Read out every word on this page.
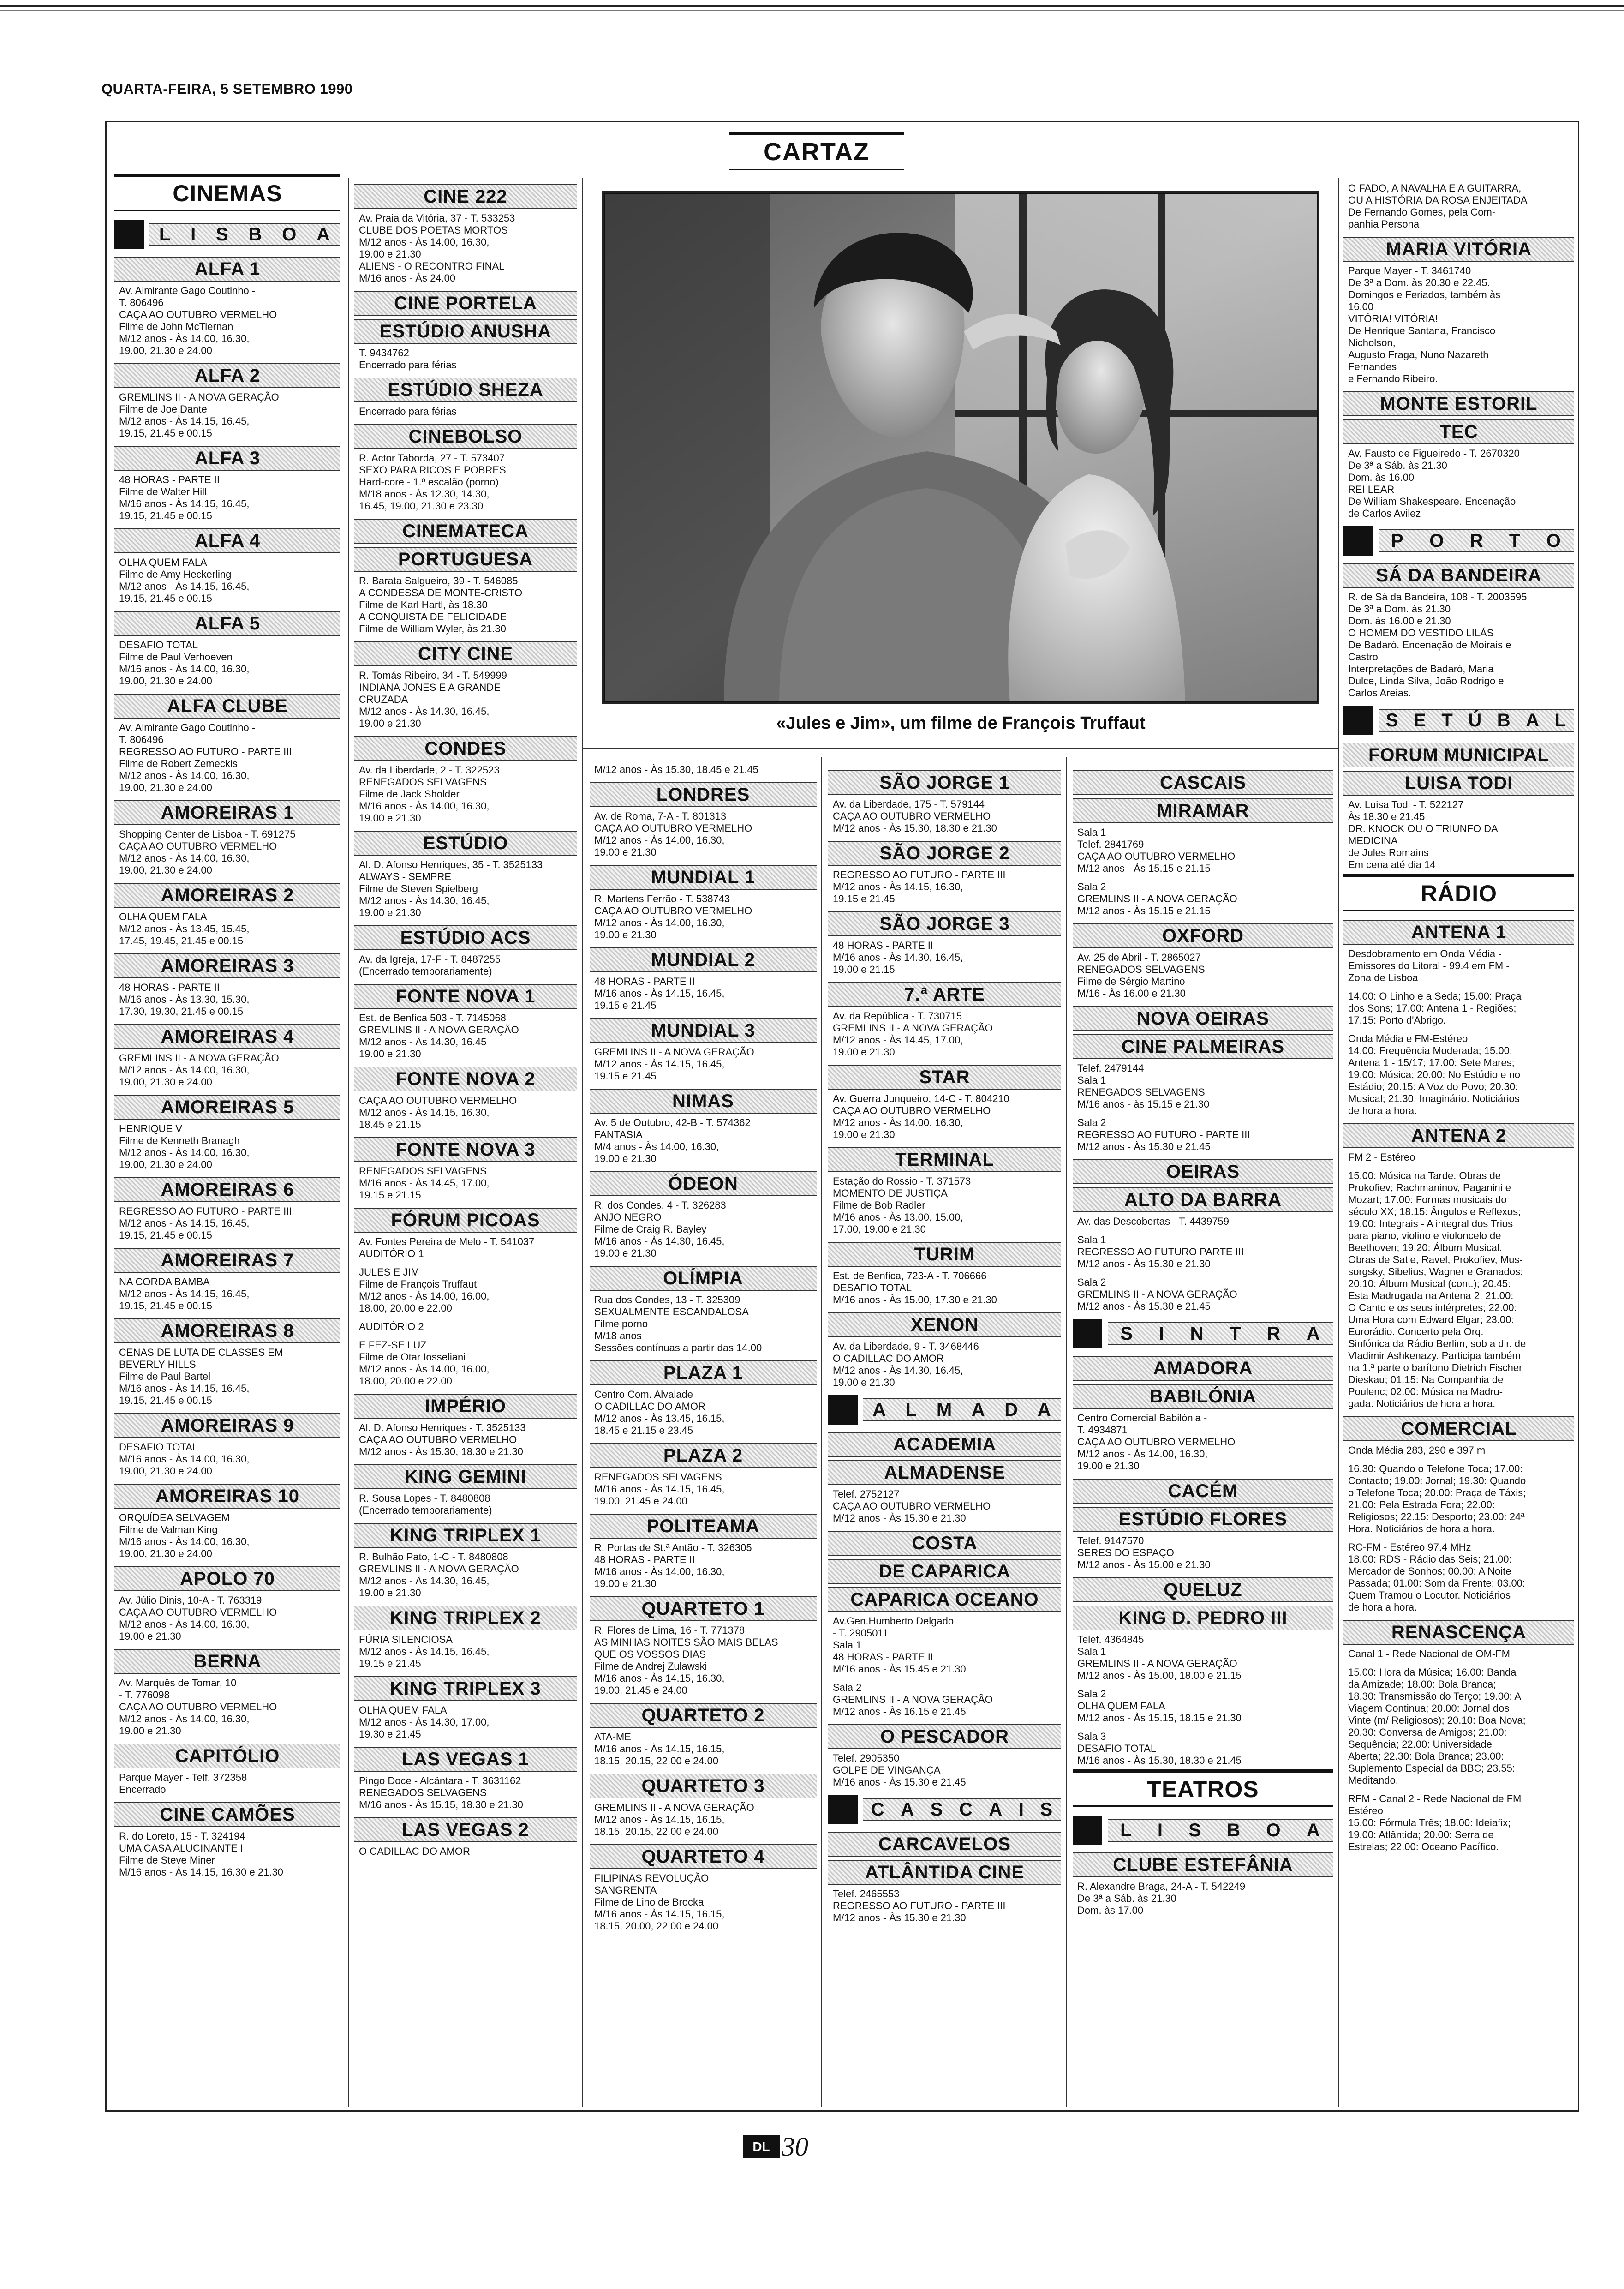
QUARTA-FEIRA, 5 SETEMBRO 1990
CARTAZ
«Jules e Jim», um filme de François Truffaut
CINEMAS
L I S B O A
ALFA 1
Av. Almirante Gago Coutinho -
T. 806496
CAÇA AO OUTUBRO VERMELHO
Filme de John McTiernan
M/12 anos - Às 14.00, 16.30,
19.00, 21.30 e 24.00
ALFA 2
GREMLINS II - A NOVA GERAÇÃO
Filme de Joe Dante
M/12 anos - Às 14.15, 16.45,
19.15, 21.45 e 00.15
ALFA 3
48 HORAS - PARTE II
Filme de Walter Hill
M/16 anos - Às 14.15, 16.45,
19.15, 21.45 e 00.15
ALFA 4
OLHA QUEM FALA
Filme de Amy Heckerling
M/12 anos - Às 14.15, 16.45,
19.15, 21.45 e 00.15
ALFA 5
DESAFIO TOTAL
Filme de Paul Verhoeven
M/16 anos - Às 14.00, 16.30,
19.00, 21.30 e 24.00
ALFA CLUBE
Av. Almirante Gago Coutinho -
T. 806496
REGRESSO AO FUTURO - PARTE III
Filme de Robert Zemeckis
M/12 anos - Às 14.00, 16.30,
19.00, 21.30 e 24.00
AMOREIRAS 1
Shopping Center de Lisboa - T. 691275
CAÇA AO OUTUBRO VERMELHO
M/12 anos - Às 14.00, 16.30,
19.00, 21.30 e 24.00
AMOREIRAS 2
OLHA QUEM FALA
M/12 anos - Às 13.45, 15.45,
17.45, 19.45, 21.45 e 00.15
AMOREIRAS 3
48 HORAS - PARTE II
M/16 anos - Às 13.30, 15.30,
17.30, 19.30, 21.45 e 00.15
AMOREIRAS 4
GREMLINS II - A NOVA GERAÇÃO
M/12 anos - Às 14.00, 16.30,
19.00, 21.30 e 24.00
AMOREIRAS 5
HENRIQUE V
Filme de Kenneth Branagh
M/12 anos - Às 14.00, 16.30,
19.00, 21.30 e 24.00
AMOREIRAS 6
REGRESSO AO FUTURO - PARTE III
M/12 anos - Às 14.15, 16.45,
19.15, 21.45 e 00.15
AMOREIRAS 7
NA CORDA BAMBA
M/12 anos - Às 14.15, 16.45,
19.15, 21.45 e 00.15
AMOREIRAS 8
CENAS DE LUTA DE CLASSES EM
BEVERLY HILLS
Filme de Paul Bartel
M/16 anos - Às 14.15, 16.45,
19.15, 21.45 e 00.15
AMOREIRAS 9
DESAFIO TOTAL
M/16 anos - Às 14.00, 16.30,
19.00, 21.30 e 24.00
AMOREIRAS 10
ORQUÍDEA SELVAGEM
Filme de Valman King
M/16 anos - Às 14.00, 16.30,
19.00, 21.30 e 24.00
APOLO 70
Av. Júlio Dinis, 10-A - T. 763319
CAÇA AO OUTUBRO VERMELHO
M/12 anos - Às 14.00, 16.30,
19.00 e 21.30
BERNA
Av. Marquês de Tomar, 10
- T. 776098
CAÇA AO OUTUBRO VERMELHO
M/12 anos - Às 14.00, 16.30,
19.00 e 21.30
CAPITÓLIO
Parque Mayer - Telf. 372358
Encerrado
CINE CAMÕES
R. do Loreto, 15 - T. 324194
UMA CASA ALUCINANTE I
Filme de Steve Miner
M/16 anos - Às 14.15, 16.30 e 21.30
CINE 222
Av. Praia da Vitória, 37 - T. 533253
CLUBE DOS POETAS MORTOS
M/12 anos - Às 14.00, 16.30,
19.00 e 21.30
ALIENS - O RECONTRO FINAL
M/16 anos - Às 24.00
CINE PORTELA
ESTÚDIO ANUSHA
T. 9434762
Encerrado para férias
ESTÚDIO SHEZA
Encerrado para férias
CINEBOLSO
R. Actor Taborda, 27 - T. 573407
SEXO PARA RICOS E POBRES
Hard-core - 1.º escalão (porno)
M/18 anos - Às 12.30, 14.30,
16.45, 19.00, 21.30 e 23.30
CINEMATECA
PORTUGUESA
R. Barata Salgueiro, 39 - T. 546085
A CONDESSA DE MONTE-CRISTO
Filme de Karl Hartl, às 18.30
A CONQUISTA DE FELICIDADE
Filme de William Wyler, às 21.30
CITY CINE
R. Tomás Ribeiro, 34 - T. 549999
INDIANA JONES E A GRANDE
CRUZADA
M/12 anos - Às 14.30, 16.45,
19.00 e 21.30
CONDES
Av. da Liberdade, 2 - T. 322523
RENEGADOS SELVAGENS
Filme de Jack Sholder
M/16 anos - Às 14.00, 16.30,
19.00 e 21.30
ESTÚDIO
Al. D. Afonso Henriques, 35 - T. 3525133
ALWAYS - SEMPRE
Filme de Steven Spielberg
M/12 anos - Às 14.30, 16.45,
19.00 e 21.30
ESTÚDIO ACS
Av. da Igreja, 17-F - T. 8487255
(Encerrado temporariamente)
FONTE NOVA 1
Est. de Benfica 503 - T. 7145068
GREMLINS II - A NOVA GERAÇÃO
M/12 anos - Às 14.30, 16.45
19.00 e 21.30
FONTE NOVA 2
CAÇA AO OUTUBRO VERMELHO
M/12 anos - Às 14.15, 16.30,
18.45 e 21.15
FONTE NOVA 3
RENEGADOS SELVAGENS
M/16 anos - Às 14.45, 17.00,
19.15 e 21.15
FÓRUM PICOAS
Av. Fontes Pereira de Melo - T. 541037
AUDITÓRIO 1
JULES E JIM
Filme de François Truffaut
M/12 anos - Às 14.00, 16.00,
18.00, 20.00 e 22.00
AUDITÓRIO 2
E FEZ-SE LUZ
Filme de Otar Iosseliani
M/12 anos - Às 14.00, 16.00,
18.00, 20.00 e 22.00
IMPÉRIO
Al. D. Afonso Henriques - T. 3525133
CAÇA AO OUTUBRO VERMELHO
M/12 anos - Às 15.30, 18.30 e 21.30
KING GEMINI
R. Sousa Lopes - T. 8480808
(Encerrado temporariamente)
KING TRIPLEX 1
R. Bulhão Pato, 1-C - T. 8480808
GREMLINS II - A NOVA GERAÇÃO
M/12 anos - Às 14.30, 16.45,
19.00 e 21.30
KING TRIPLEX 2
FÚRIA SILENCIOSA
M/12 anos - Às 14.15, 16.45,
19.15 e 21.45
KING TRIPLEX 3
OLHA QUEM FALA
M/12 anos - Às 14.30, 17.00,
19.30 e 21.45
LAS VEGAS 1
Pingo Doce - Alcântara - T. 3631162
RENEGADOS SELVAGENS
M/16 anos - Às 15.15, 18.30 e 21.30
LAS VEGAS 2
O CADILLAC DO AMOR
M/12 anos - Às 15.30, 18.45 e 21.45
LONDRES
Av. de Roma, 7-A - T. 801313
CAÇA AO OUTUBRO VERMELHO
M/12 anos - Às 14.00, 16.30,
19.00 e 21.30
MUNDIAL 1
R. Martens Ferrão - T. 538743
CAÇA AO OUTUBRO VERMELHO
M/12 anos - Às 14.00, 16.30,
19.00 e 21.30
MUNDIAL 2
48 HORAS - PARTE II
M/16 anos - Às 14.15, 16.45,
19.15 e 21.45
MUNDIAL 3
GREMLINS II - A NOVA GERAÇÃO
M/12 anos - Às 14.15, 16.45,
19.15 e 21.45
NIMAS
Av. 5 de Outubro, 42-B - T. 574362
FANTASIA
M/4 anos - Às 14.00, 16.30,
19.00 e 21.30
ÓDEON
R. dos Condes, 4 - T. 326283
ANJO NEGRO
Filme de Craig R. Bayley
M/16 anos - Às 14.30, 16.45,
19.00 e 21.30
OLÍMPIA
Rua dos Condes, 13 - T. 325309
SEXUALMENTE ESCANDALOSA
Filme porno
M/18 anos
Sessões contínuas a partir das 14.00
PLAZA 1
Centro Com. Alvalade
O CADILLAC DO AMOR
M/12 anos - Às 13.45, 16.15,
18.45 e 21.15 e 23.45
PLAZA 2
RENEGADOS SELVAGENS
M/16 anos - Às 14.15, 16.45,
19.00, 21.45 e 24.00
POLITEAMA
R. Portas de St.ª Antão - T. 326305
48 HORAS - PARTE II
M/16 anos - Às 14.00, 16.30,
19.00 e 21.30
QUARTETO 1
R. Flores de Lima, 16 - T. 771378
AS MINHAS NOITES SÃO MAIS BELAS
QUE OS VOSSOS DIAS
Filme de Andrej Zulawski
M/16 anos - Às 14.15, 16.30,
19.00, 21.45 e 24.00
QUARTETO 2
ATA-ME
M/16 anos - Às 14.15, 16.15,
18.15, 20.15, 22.00 e 24.00
QUARTETO 3
GREMLINS II - A NOVA GERAÇÃO
M/12 anos - Às 14.15, 16.15,
18.15, 20.15, 22.00 e 24.00
QUARTETO 4
FILIPINAS REVOLUÇÃO
SANGRENTA
Filme de Lino de Brocka
M/16 anos - Às 14.15, 16.15,
18.15, 20.00, 22.00 e 24.00
SÃO JORGE 1
Av. da Liberdade, 175 - T. 579144
CAÇA AO OUTUBRO VERMELHO
M/12 anos - Às 15.30, 18.30 e 21.30
SÃO JORGE 2
REGRESSO AO FUTURO - PARTE III
M/12 anos - Às 14.15, 16.30,
19.15 e 21.45
SÃO JORGE 3
48 HORAS - PARTE II
M/16 anos - Às 14.30, 16.45,
19.00 e 21.15
7.ª ARTE
Av. da República - T. 730715
GREMLINS II - A NOVA GERAÇÃO
M/12 anos - Às 14.45, 17.00,
19.00 e 21.30
STAR
Av. Guerra Junqueiro, 14-C - T. 804210
CAÇA AO OUTUBRO VERMELHO
M/12 anos - Às 14.00, 16.30,
19.00 e 21.30
TERMINAL
Estação do Rossio - T. 371573
MOMENTO DE JUSTIÇA
Filme de Bob Radler
M/16 anos - Às 13.00, 15.00,
17.00, 19.00 e 21.30
TURIM
Est. de Benfica, 723-A - T. 706666
DESAFIO TOTAL
M/16 anos - Às 15.00, 17.30 e 21.30
XENON
Av. da Liberdade, 9 - T. 3468446
O CADILLAC DO AMOR
M/12 anos - Às 14.30, 16.45,
19.00 e 21.30
A L M A D A
ACADEMIA
ALMADENSE
Telef. 2752127
CAÇA AO OUTUBRO VERMELHO
M/12 anos - Às 15.30 e 21.30
COSTA
DE CAPARICA
CAPARICA OCEANO
Av.Gen.Humberto Delgado
- T. 2905011
Sala 1
48 HORAS - PARTE II
M/16 anos - Às 15.45 e 21.30
Sala 2
GREMLINS II - A NOVA GERAÇÃO
M/12 anos - Às 16.15 e 21.45
O PESCADOR
Telef. 2905350
GOLPE DE VINGANÇA
M/16 anos - Às 15.30 e 21.45
C A S C A I S
CARCAVELOS
ATLÂNTIDA CINE
Telef. 2465553
REGRESSO AO FUTURO - PARTE III
M/12 anos - Às 15.30 e 21.30
CASCAIS
MIRAMAR
Sala 1
Telef. 2841769
CAÇA AO OUTUBRO VERMELHO
M/12 anos - Às 15.15 e 21.15
Sala 2
GREMLINS II - A NOVA GERAÇÃO
M/12 anos - Às 15.15 e 21.15
OXFORD
Av. 25 de Abril - T. 2865027
RENEGADOS SELVAGENS
Filme de Sérgio Martino
M/16 - Às 16.00 e 21.30
NOVA OEIRAS
CINE PALMEIRAS
Telef. 2479144
Sala 1
RENEGADOS SELVAGENS
M/16 anos - às 15.15 e 21.30
Sala 2
REGRESSO AO FUTURO - PARTE III
M/12 anos - Às 15.30 e 21.45
OEIRAS
ALTO DA BARRA
Av. das Descobertas - T. 4439759
Sala 1
REGRESSO AO FUTURO PARTE III
M/12 anos - Às 15.30 e 21.30
Sala 2
GREMLINS II - A NOVA GERAÇÃO
M/12 anos - Às 15.30 e 21.45
S I N T R A
AMADORA
BABILÓNIA
Centro Comercial Babilónia -
T. 4934871
CAÇA AO OUTUBRO VERMELHO
M/12 anos - Às 14.00, 16.30,
19.00 e 21.30
CACÉM
ESTÚDIO FLORES
Telef. 9147570
SERES DO ESPAÇO
M/12 anos - Às 15.00 e 21.30
QUELUZ
KING D. PEDRO III
Telef. 4364845
Sala 1
GREMLINS II - A NOVA GERAÇÃO
M/12 anos - Às 15.00, 18.00 e 21.15
Sala 2
OLHA QUEM FALA
M/12 anos - Às 15.15, 18.15 e 21.30
Sala 3
DESAFIO TOTAL
M/16 anos - Às 15.30, 18.30 e 21.45
TEATROS
L I S B O A
CLUBE ESTEFÂNIA
R. Alexandre Braga, 24-A - T. 542249
De 3ª a Sáb. às 21.30
Dom. às 17.00
O FADO, A NAVALHA E A GUITARRA,
OU A HISTÓRIA DA ROSA ENJEITADA
De Fernando Gomes, pela Com-
panhia Persona
MARIA VITÓRIA
Parque Mayer - T. 3461740
De 3ª a Dom. às 20.30 e 22.45.
Domingos e Feriados, também às
16.00
VITÓRIA! VITÓRIA!
De Henrique Santana, Francisco
Nicholson,
Augusto Fraga, Nuno Nazareth
Fernandes
e Fernando Ribeiro.
MONTE ESTORIL
TEC
Av. Fausto de Figueiredo - T. 2670320
De 3ª a Sáb. às 21.30
Dom. às 16.00
REI LEAR
De William Shakespeare. Encenação
de Carlos Avilez
P O R T O
SÁ DA BANDEIRA
R. de Sá da Bandeira, 108 - T. 2003595
De 3ª a Dom. às 21.30
Dom. às 16.00 e 21.30
O HOMEM DO VESTIDO LILÁS
De Badaró. Encenação de Moirais e
Castro
Interpretações de Badaró, Maria
Dulce, Linda Silva, João Rodrigo e
Carlos Areias.
S E T Ú B A L
FORUM MUNICIPAL
LUISA TODI
Av. Luisa Todi - T. 522127
Às 18.30 e 21.45
DR. KNOCK OU O TRIUNFO DA
MEDICINA
de Jules Romains
Em cena até dia 14
RÁDIO
ANTENA 1
Desdobramento em Onda Média -
Emissores do Litoral - 99.4 em FM -
Zona de Lisboa
14.00: O Linho e a Seda; 15.00: Praça
dos Sons; 17.00: Antena 1 - Regiões;
17.15: Porto d'Abrigo.
Onda Média e FM-Estéreo
14.00: Frequência Moderada; 15.00:
Antena 1 - 15/17; 17.00: Sete Mares;
19.00: Música; 20.00: No Estúdio e no
Estádio; 20.15: A Voz do Povo; 20.30:
Musical; 21.30: Imaginário. Noticiários
de hora a hora.
ANTENA 2
FM 2 - Estéreo
15.00: Música na Tarde. Obras de
Prokofiev; Rachmaninov, Paganini e
Mozart; 17.00: Formas musicais do
século XX; 18.15: Ângulos e Reflexos;
19.00: Integrais - A integral dos Trios
para piano, violino e violoncelo de
Beethoven; 19.20: Álbum Musical.
Obras de Satie, Ravel, Prokofiev, Mus-
sorgsky, Sibelius, Wagner e Granados;
20.10: Álbum Musical (cont.); 20.45:
Esta Madrugada na Antena 2; 21.00:
O Canto e os seus intérpretes; 22.00:
Uma Hora com Edward Elgar; 23.00:
Eurorádio. Concerto pela Orq.
Sinfónica da Rádio Berlim, sob a dir. de
Vladimir Ashkenazy. Participa também
na 1.ª parte o barítono Dietrich Fischer
Dieskau; 01.15: Na Companhia de
Poulenc; 02.00: Música na Madru-
gada. Noticiários de hora a hora.
COMERCIAL
Onda Média 283, 290 e 397 m
16.30: Quando o Telefone Toca; 17.00:
Contacto; 19.00: Jornal; 19.30: Quando
o Telefone Toca; 20.00: Praça de Táxis;
21.00: Pela Estrada Fora; 22.00:
Religiosos; 22.15: Desporto; 23.00: 24ª
Hora. Noticiários de hora a hora.
RC-FM - Estéreo 97.4 MHz
18.00: RDS - Rádio das Seis; 21.00:
Mercador de Sonhos; 00.00: A Noite
Passada; 01.00: Som da Frente; 03.00:
Quem Tramou o Locutor. Noticiários
de hora a hora.
RENASCENÇA
Canal 1 - Rede Nacional de OM-FM
15.00: Hora da Música; 16.00: Banda
da Amizade; 18.00: Bola Branca;
18.30: Transmissão do Terço; 19.00: A
Viagem Continua; 20.00: Jornal dos
Vinte (m/ Religiosos); 20.10: Boa Nova;
20.30: Conversa de Amigos; 21.00:
Sequência; 22.00: Universidade
Aberta; 22.30: Bola Branca; 23.00:
Suplemento Especial da BBC; 23.55:
Meditando.
RFM - Canal 2 - Rede Nacional de FM
Estéreo
15.00: Fórmula Três; 18.00: Ideiafix;
19.00: Atlântida; 20.00: Serra de
Estrelas; 22.00: Oceano Pacífico.
DL 30
